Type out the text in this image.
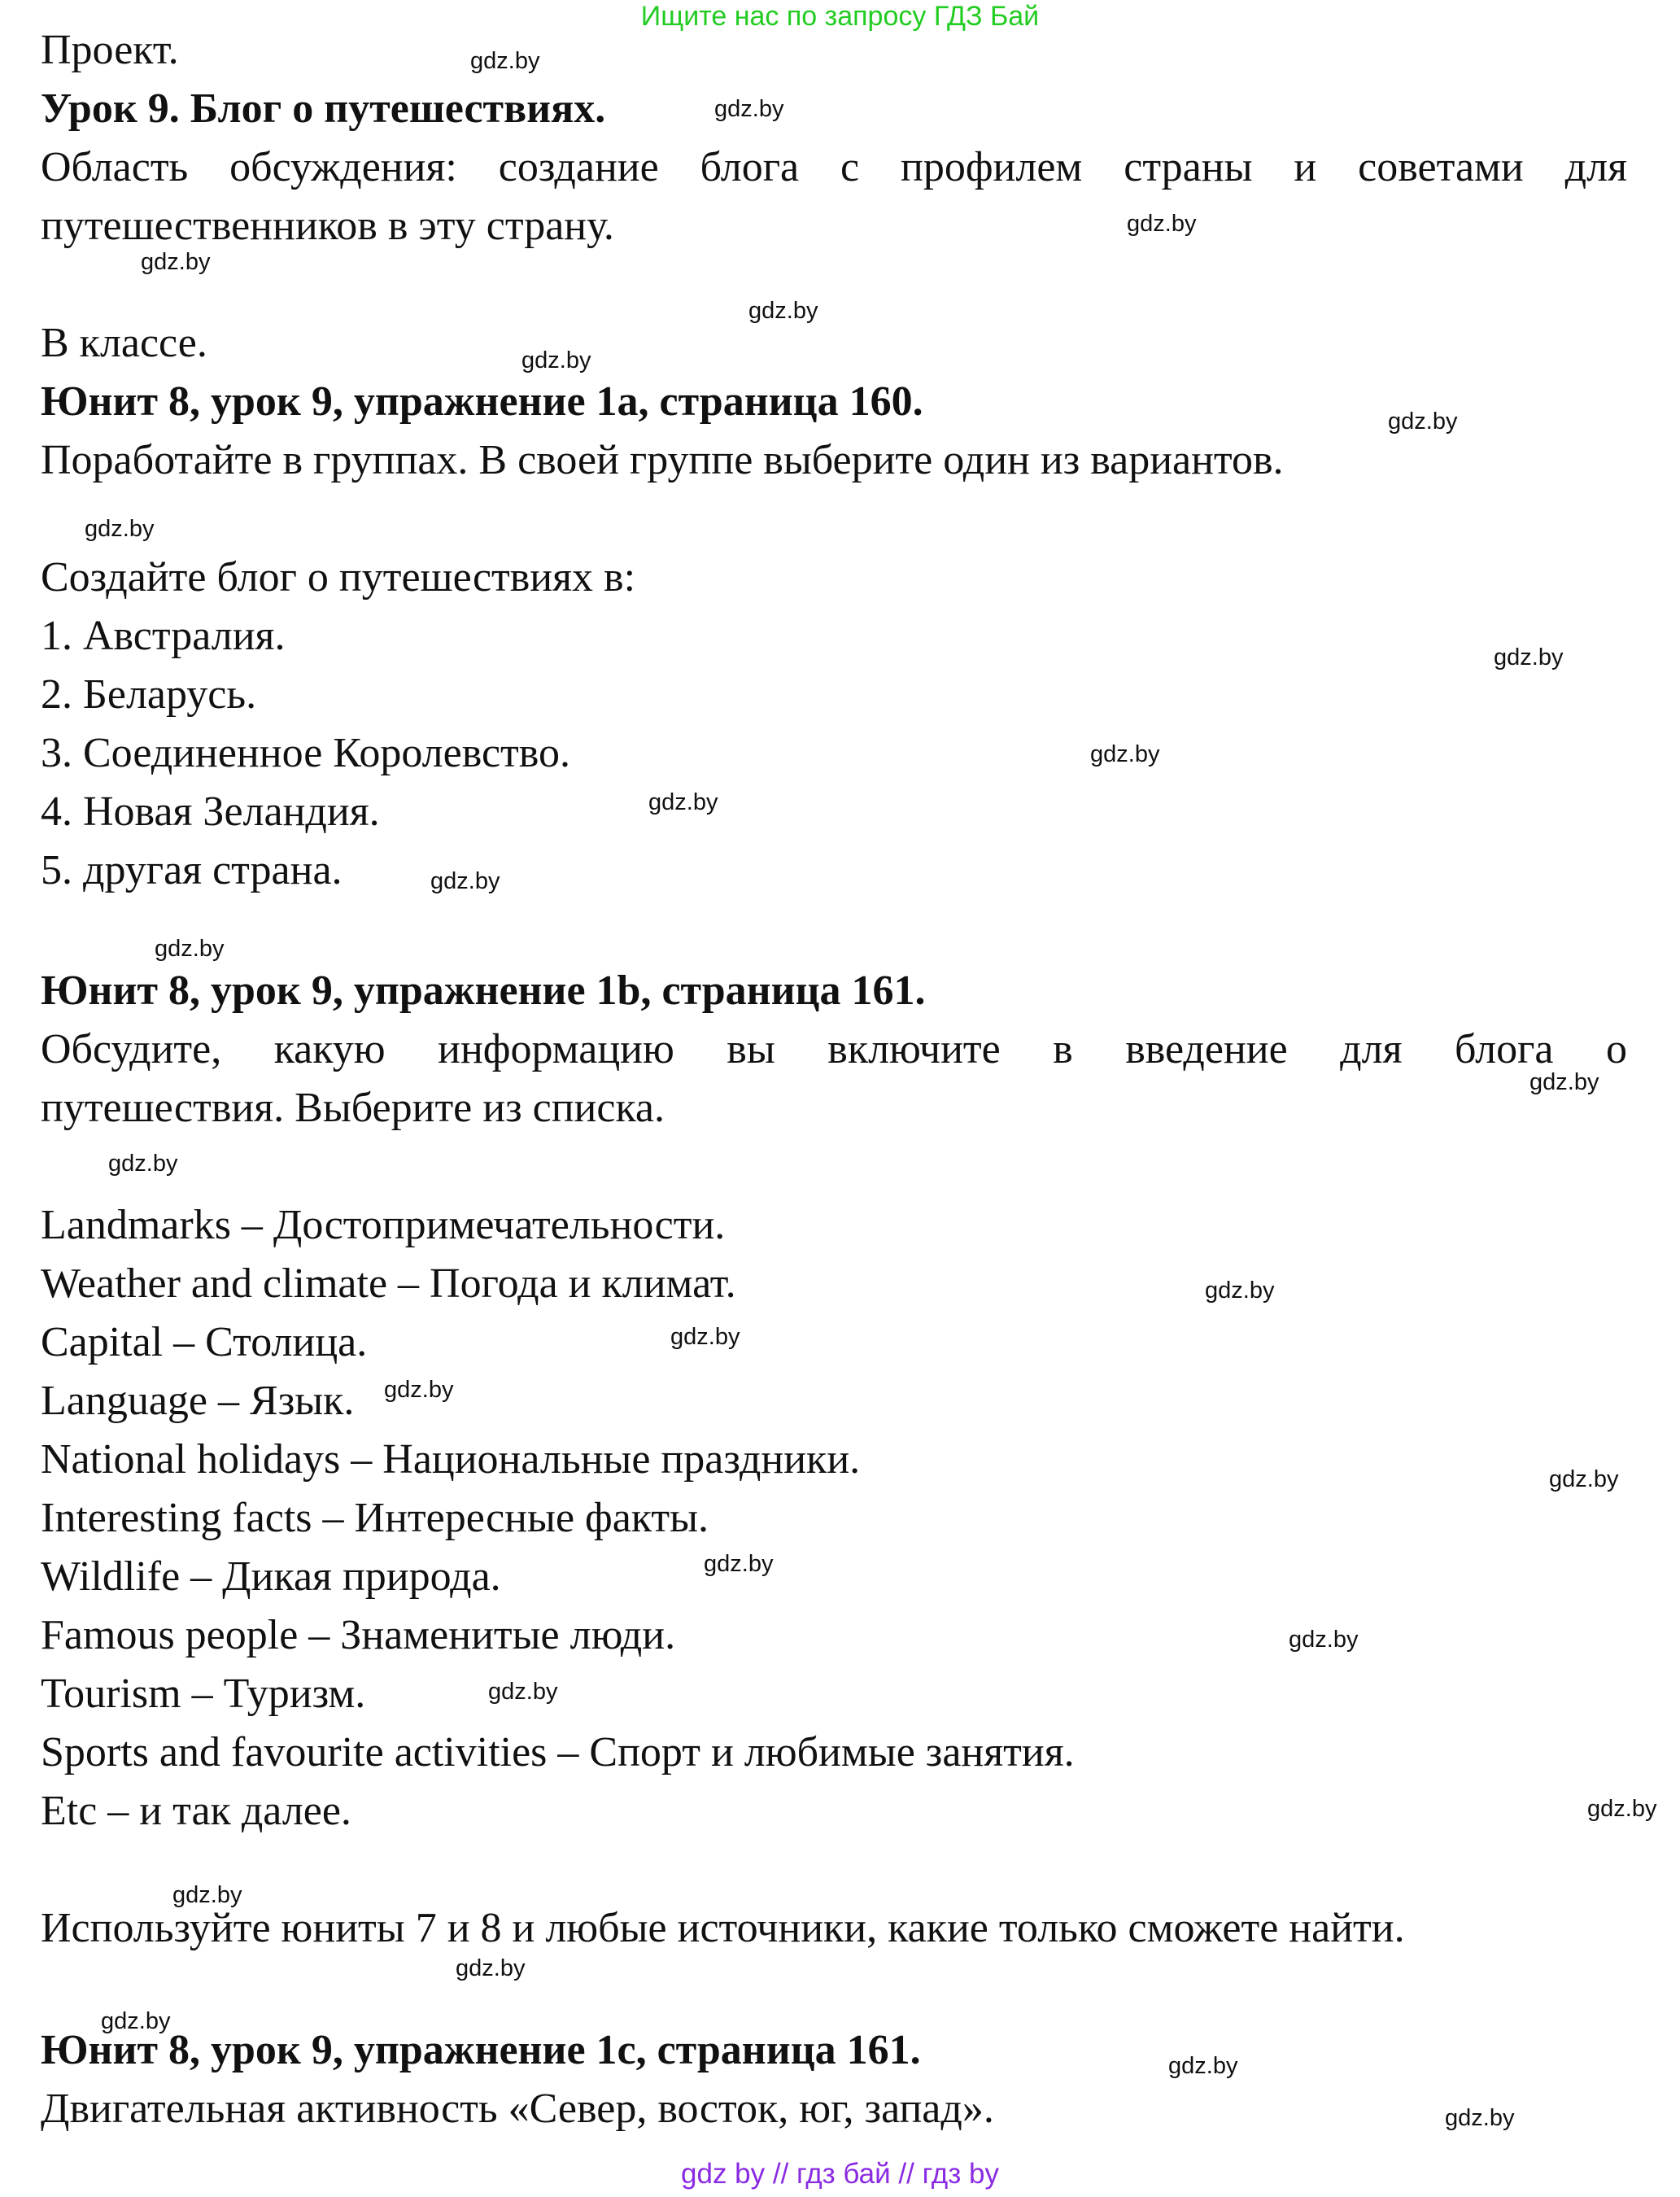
Ищите нас по запросу ГДЗ Бай
Проект.
Урок 9. Блог о путешествиях.
Область обсуждения: создание блога с профилем страны и советами для
путешественников в эту страну.
В классе.
Юнит 8, урок 9, упражнение 1a, страница 160.
Поработайте в группах. В своей группе выберите один из вариантов.
Создайте блог о путешествиях в:
1. Австралия.
2. Беларусь.
3. Соединенное Королевство.
4. Новая Зеландия.
5. другая страна.
Юнит 8, урок 9, упражнение 1b, страница 161.
Обсудите, какую информацию вы включите в введение для блога о
путешествия. Выберите из списка.
Landmarks – Достопримечательности.
Weather and climate – Погода и климат.
Capital – Столица.
Language – Язык.
National holidays – Национальные праздники.
Interesting facts – Интересные факты.
Wildlife – Дикая природа.
Famous people – Знаменитые люди.
Tourism – Туризм.
Sports and favourite activities – Спорт и любимые занятия.
Etc – и так далее.
Используйте юниты 7 и 8 и любые источники, какие только сможете найти.
Юнит 8, урок 9, упражнение 1c, страница 161.
Двигательная активность «Север, восток, юг, запад».
gdz.by
gdz.by
gdz.by
gdz.by
gdz.by
gdz.by
gdz.by
gdz.by
gdz.by
gdz.by
gdz.by
gdz.by
gdz.by
gdz.by
gdz.by
gdz.by
gdz.by
gdz.by
gdz.by
gdz.by
gdz.by
gdz.by
gdz.by
gdz.by
gdz.by
gdz.by
gdz.by
gdz.by
gdz by // гдз бай // гдз by
